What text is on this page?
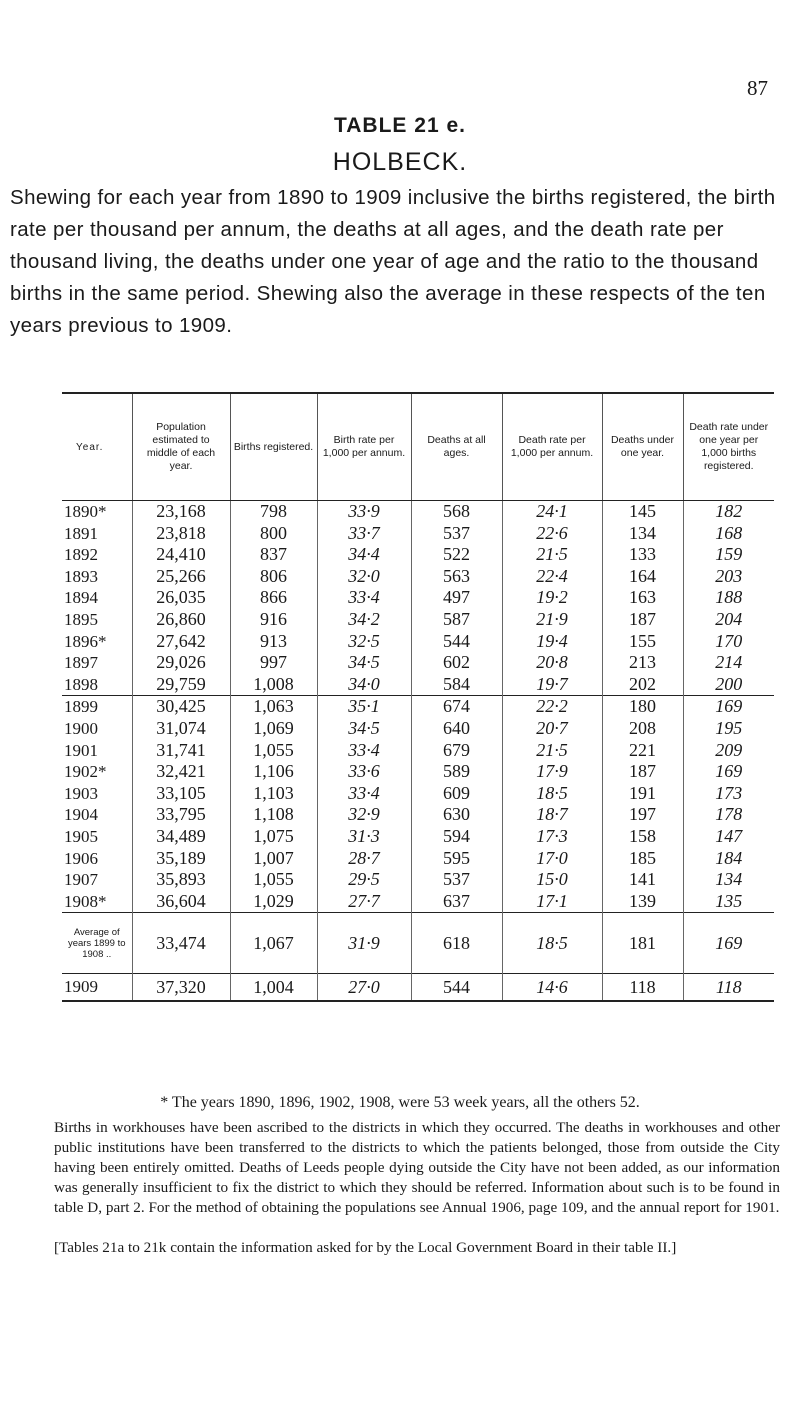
87
TABLE 21 e.
HOLBECK.

Shewing for each year from 1890 to 1909 inclusive the births registered, the birth rate per thousand per annum, the deaths at all ages, and the death rate per thousand living, the deaths under one year of age and the ratio to the thousand births in the same period. Shewing also the average in these respects of the ten years previous to 1909.

Year.	Population estimated to middle of each year.	Births registered.	Birth rate per 1,000 per annum.	Deaths at all ages.	Death rate per 1,000 per annum.	Deaths under one year.	Death rate under one year per 1,000 births registered.
1890*	23,168	798	33·9	568	24·1	145	182
1891	23,818	800	33·7	537	22·6	134	168
1892	24,410	837	34·4	522	21·5	133	159
1893	25,266	806	32·0	563	22·4	164	203
1894	26,035	866	33·4	497	19·2	163	188
1895	26,860	916	34·2	587	21·9	187	204
1896*	27,642	913	32·5	544	19·4	155	170
1897	29,026	997	34·5	602	20·8	213	214
1898	29,759	1,008	34·0	584	19·7	202	200
1899	30,425	1,063	35·1	674	22·2	180	169
1900	31,074	1,069	34·5	640	20·7	208	195
1901	31,741	1,055	33·4	679	21·5	221	209
1902*	32,421	1,106	33·6	589	17·9	187	169
1903	33,105	1,103	33·4	609	18·5	191	173
1904	33,795	1,108	32·9	630	18·7	197	178
1905	34,489	1,075	31·3	594	17·3	158	147
1906	35,189	1,007	28·7	595	17·0	185	184
1907	35,893	1,055	29·5	537	15·0	141	134
1908*	36,604	1,029	27·7	637	17·1	139	135
Average of years 1899 to 1908 ..	33,474	1,067	31·9	618	18·5	181	169
1909	37,320	1,004	27·0	544	14·6	118	118
* The years 1890, 1896, 1902, 1908, were 53 week years, all the others 52.

Births in workhouses have been ascribed to the districts in which they occurred. The deaths in workhouses and other public institutions have been transferred to the districts to which the patients belonged, those from outside the City having been entirely omitted. Deaths of Leeds people dying outside the City have not been added, as our information was generally insufficient to fix the district to which they should be referred. Information about such is to be found in table D, part 2. For the method of obtaining the populations see Annual 1906, page 109, and the annual report for 1901.

[Tables 21a to 21k contain the information asked for by the Local Government Board in their table II.]
